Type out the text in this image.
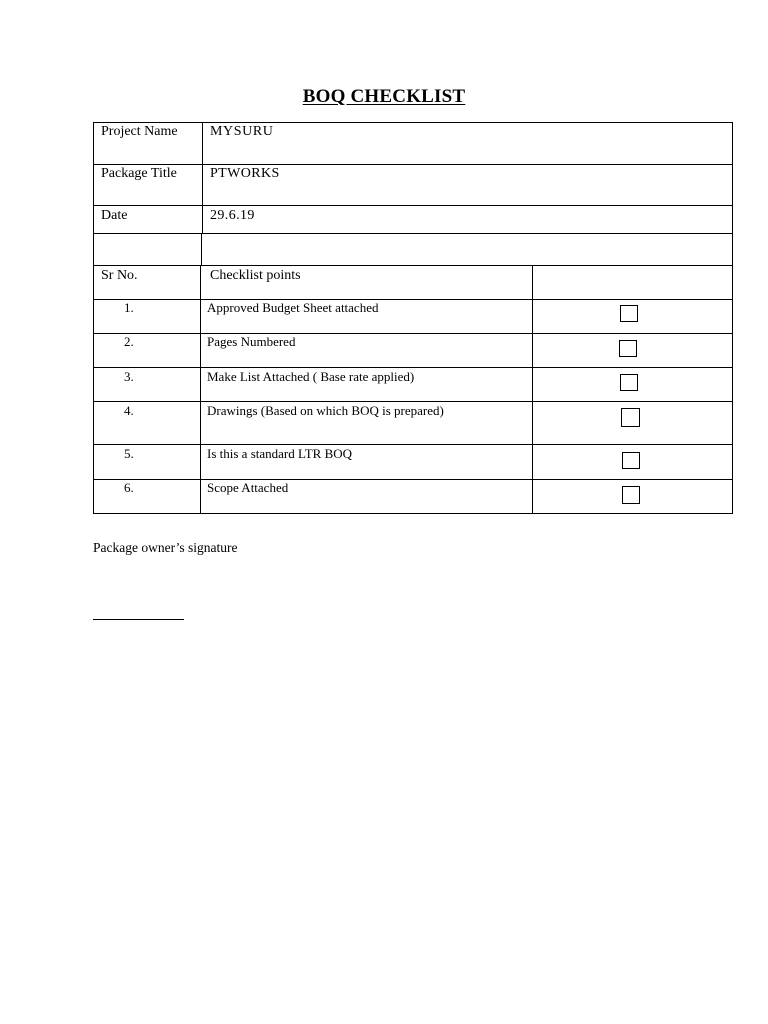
BOQ CHECKLIST
Project Name MYSURU
Package Title PTWORKS
Date	29.6.19
Sr No.	Checklist points
1.	Approved Budget Sheet attached
2.	Pages Numbered
3.	Make List Attached ( Base rate applied)
4.	Drawings (Based on which BOQ is prepared)
5.	Is this a standard LTR BOQ
6.	Scope Attached
Package owner’s signature
